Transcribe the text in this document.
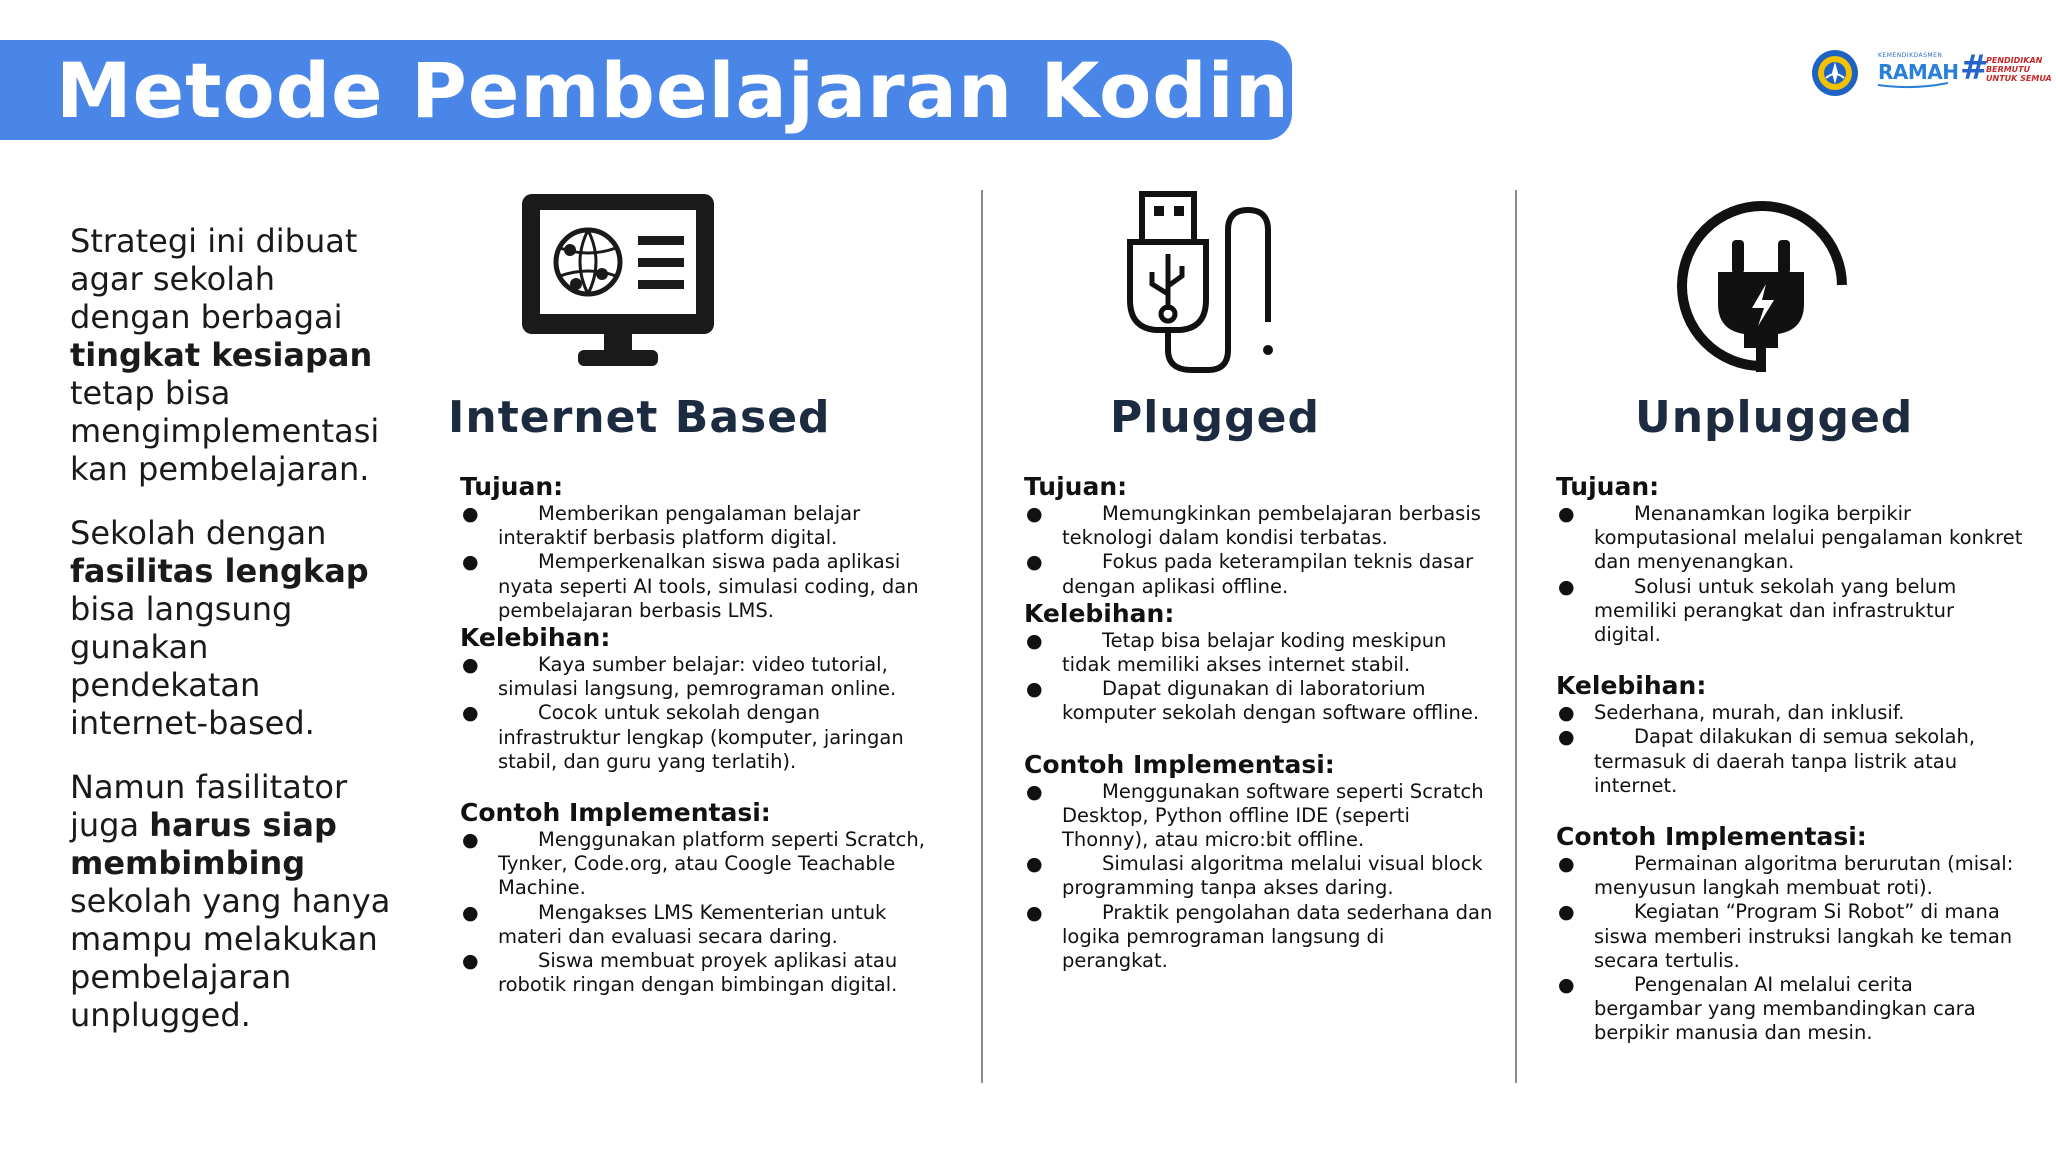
Metode Pembelajaran Koding-K	KEMENDIKDASMEN
RAMAH #
PENDIDIKAN BERMUTU UNTUK SEMUA

Strategi ini dibuat agar sekolah dengan berbagai tingkat kesiapan tetap bisa mengimplementasi kan pembelajaran.

Sekolah dengan fasilitas lengkap bisa langsung gunakan pendekatan internet-based.

Namun fasilitator juga harus siap membimbing sekolah yang hanya mampu melakukan pembelajaran unplugged.

Internet Based	Plugged	Unplugged
Tujuan:
●	Memberikan pengalaman belajar interaktif berbasis platform digital.
●	Memperkenalkan siswa pada aplikasi nyata seperti AI tools, simulasi coding, dan pembelajaran berbasis LMS.
Kelebihan:
●	Kaya sumber belajar: video tutorial, simulasi langsung, pemrograman online.
●	Cocok untuk sekolah dengan infrastruktur lengkap (komputer, jaringan stabil, dan guru yang terlatih).
Contoh Implementasi:
●	Menggunakan platform seperti Scratch, Tynker, Code.org, atau Coogle Teachable Machine.
●	Mengakses LMS Kementerian untuk materi dan evaluasi secara daring.
●	Siswa membuat proyek aplikasi atau robotik ringan dengan bimbingan digital.
Tujuan:
●	Memungkinkan pembelajaran berbasis teknologi dalam kondisi terbatas.
●	Fokus pada keterampilan teknis dasar dengan aplikasi offline.
Kelebihan:
●	Tetap bisa belajar koding meskipun tidak memiliki akses internet stabil.
●	Dapat digunakan di laboratorium komputer sekolah dengan software offline.
Contoh Implementasi:
●	Menggunakan software seperti Scratch Desktop, Python offline IDE (seperti Thonny), atau micro:bit offline.
●	Simulasi algoritma melalui visual block programming tanpa akses daring.
●	Praktik pengolahan data sederhana dan logika pemrograman langsung di perangkat.
Tujuan:
●	Menanamkan logika berpikir komputasional melalui pengalaman konkret dan menyenangkan.
●	Solusi untuk sekolah yang belum memiliki perangkat dan infrastruktur digital.
Kelebihan:
● Sederhana, murah, dan inklusif.
●	Dapat dilakukan di semua sekolah, termasuk di daerah tanpa listrik atau internet.
Contoh Implementasi:
●	Permainan algoritma berurutan (misal: menyusun langkah membuat roti).
●	Kegiatan “Program Si Robot” di mana siswa memberi instruksi langkah ke teman secara tertulis.
●	Pengenalan AI melalui cerita bergambar yang membandingkan cara berpikir manusia dan mesin.
